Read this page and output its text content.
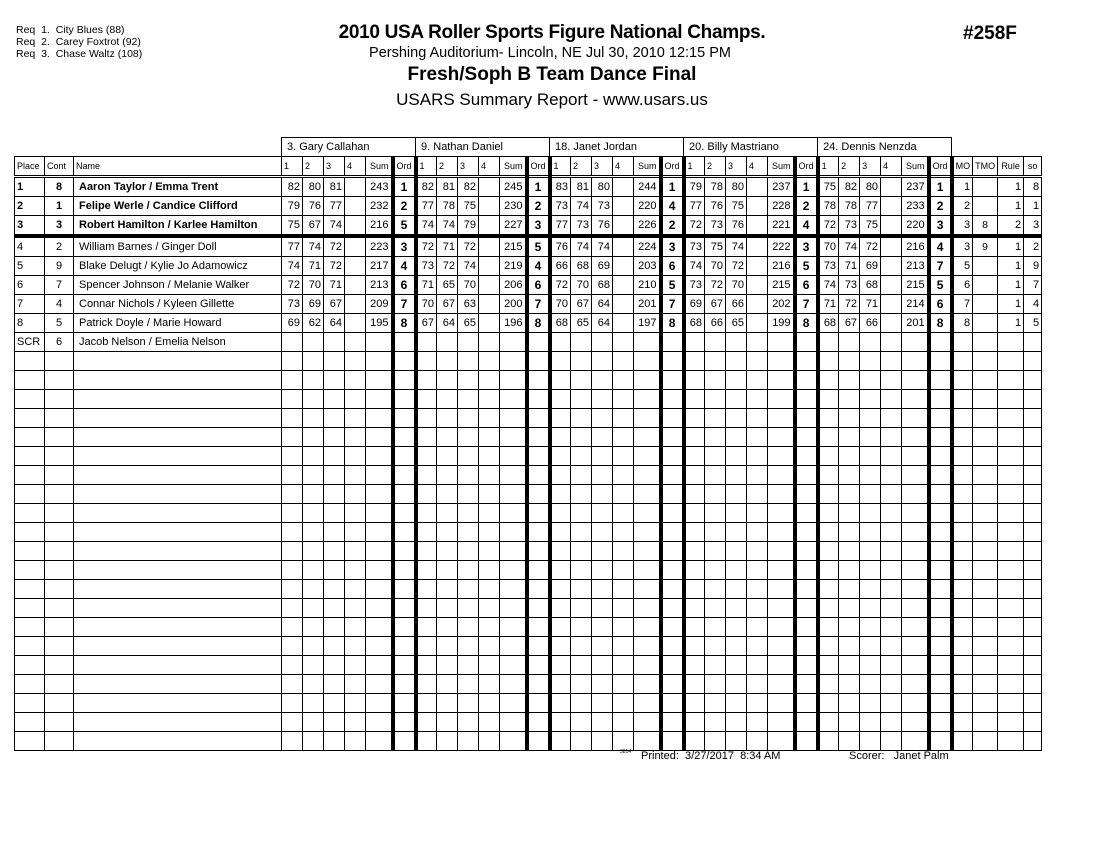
Req  1.  City Blues (88)
Req  2.  Carey Foxtrot (92)
Req  3.  Chase Waltz (108)
2010 USA Roller Sports Figure National Champs.
Pershing Auditorium- Lincoln, NE Jul 30, 2010 12:15 PM
Fresh/Soph B Team Dance Final
USARS Summary Report - www.usars.us
#258F
			3. Gary Callahan						9. Nathan Daniel						18. Janet Jordan						20. Billy Mastriano						24. Dennis Nenzda									
Place	Cont	Name	1	2	3	4	Sum	Ord	1	2	3	4	Sum	Ord	1	2	3	4	Sum	Ord	1	2	3	4	Sum	Ord	1	2	3	4	Sum	Ord	MO	TMO	Rule	so
1	8	Aaron Taylor / Emma Trent	82	80	81		243	1	82	81	82		245	1	83	81	80		244	1	79	78	80		237	1	75	82	80		237	1	1		1	8
2	1	Felipe Werle / Candice Clifford	79	76	77		232	2	77	78	75		230	2	73	74	73		220	4	77	76	75		228	2	78	78	77		233	2	2		1	1
3	3	Robert Hamilton / Karlee Hamilton	75	67	74		216	5	74	74	79		227	3	77	73	76		226	2	72	73	76		221	4	72	73	75		220	3	3	8	2	3
4	2	William Barnes / Ginger Doll	77	74	72		223	3	72	71	72		215	5	76	74	74		224	3	73	75	74		222	3	70	74	72		216	4	3	9	1	2
5	9	Blake Delugt / Kylie Jo Adamowicz	74	71	72		217	4	73	72	74		219	4	66	68	69		203	6	74	70	72		216	5	73	71	69		213	7	5		1	9
6	7	Spencer Johnson / Melanie Walker	72	70	71		213	6	71	65	70		206	6	72	70	68		210	5	73	72	70		215	6	74	73	68		215	5	6		1	7
7	4	Connar Nichols / Kyleen Gillette	73	69	67		209	7	70	67	63		200	7	70	67	64		201	7	69	67	66		202	7	71	72	71		214	6	7		1	4
8	5	Patrick Doyle / Marie Howard	69	62	64		195	8	67	64	65		196	8	68	65	64		197	8	68	66	65		199	8	68	67	66		201	8	8		1	5
SCR	6	Jacob Nelson / Emelia Nelson																																		

3814 Printed:  3/27/2017  8:34 AM	Scorer:   Janet Palm
